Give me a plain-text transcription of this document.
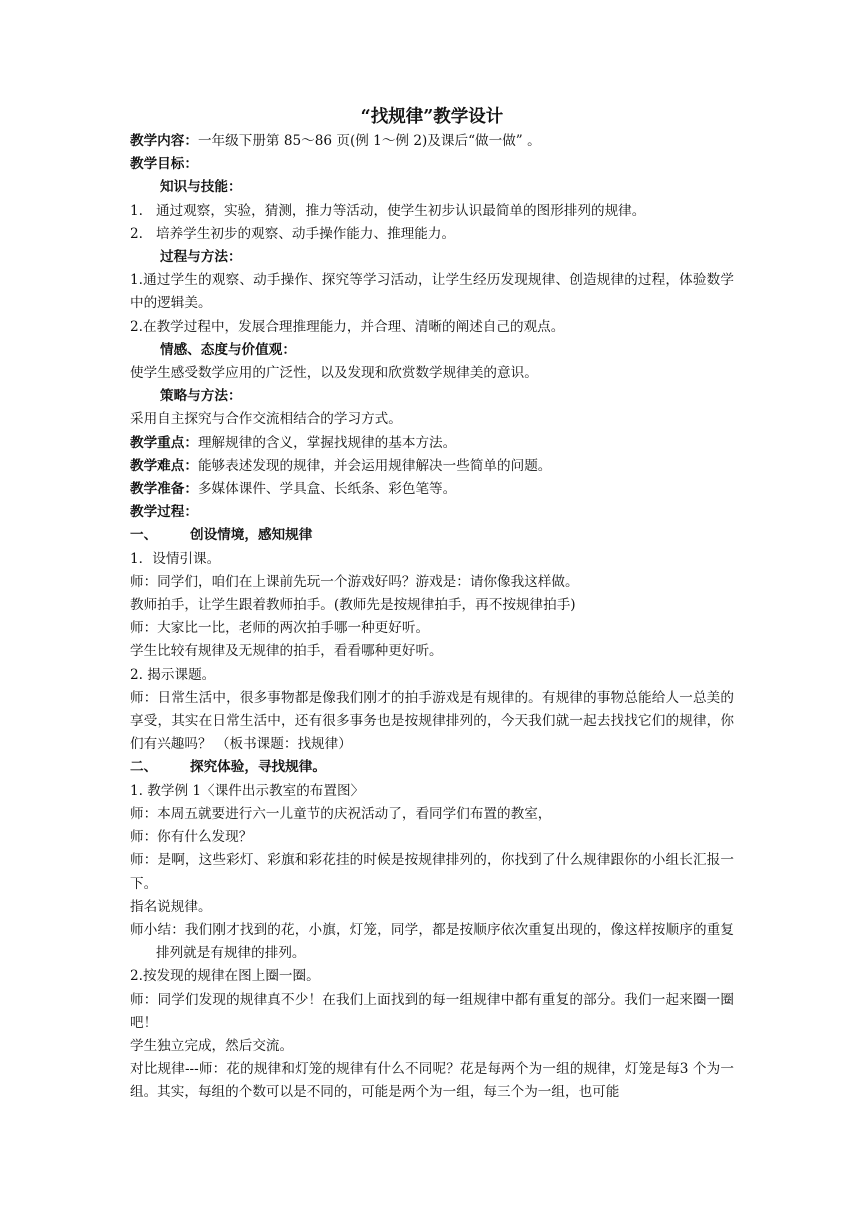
“找规律”教学设计
教学内容：一年级下册第 85～86 页(例 1～例 2)及课后“做一做” 。
教学目标：
知识与技能：
1. 通过观察，实验，猜测，推力等活动，使学生初步认识最简单的图形排列的规律。
2. 培养学生初步的观察、动手操作能力、推理能力。
过程与方法：
1.通过学生的观察、动手操作、探究等学习活动，让学生经历发现规律、创造规律的过程，体验数学中的逻辑美。
2.在教学过程中，发展合理推理能力，并合理、清晰的阐述自己的观点。
情感、态度与价值观：
使学生感受数学应用的广泛性，以及发现和欣赏数学规律美的意识。
策略与方法：
采用自主探究与合作交流相结合的学习方式。
教学重点：理解规律的含义，掌握找规律的基本方法。
教学难点：能够表述发现的规律，并会运用规律解决一些简单的问题。
教学准备：多媒体课件、学具盒、长纸条、彩色笔等。
教学过程：
一、 创设情境，感知规律
1．设情引课。
师：同学们，咱们在上课前先玩一个游戏好吗？游戏是：请你像我这样做。
教师拍手，让学生跟着教师拍手。(教师先是按规律拍手，再不按规律拍手)
师：大家比一比，老师的两次拍手哪一种更好听。
学生比较有规律及无规律的拍手，看看哪种更好听。
2. 揭示课题。
师：日常生活中，很多事物都是像我们刚才的拍手游戏是有规律的。有规律的事物总能给人一总美的享受，其实在日常生活中，还有很多事务也是按规律排列的，今天我们就一起去找找它们的规律，你们有兴趣吗？ （板书课题：找规律）
二、 探究体验，寻找规律。
1. 教学例 1〈课件出示教室的布置图〉
师：本周五就要进行六一儿童节的庆祝活动了，看同学们布置的教室，
师：你有什么发现？
师：是啊，这些彩灯、彩旗和彩花挂的时候是按规律排列的，你找到了什么规律跟你的小组长汇报一下。
指名说规律。
师小结：我们刚才找到的花，小旗，灯笼，同学，都是按顺序依次重复出现的，像这样按顺序的重复排列就是有规律的排列。
2.按发现的规律在图上圈一圈。
师：同学们发现的规律真不少！在我们上面找到的每一组规律中都有重复的部分。我们一起来圈一圈吧！
学生独立完成，然后交流。
对比规律---师：花的规律和灯笼的规律有什么不同呢？花是每两个为一组的规律，灯笼是每3 个为一组。其实，每组的个数可以是不同的，可能是两个为一组，每三个为一组，也可能
